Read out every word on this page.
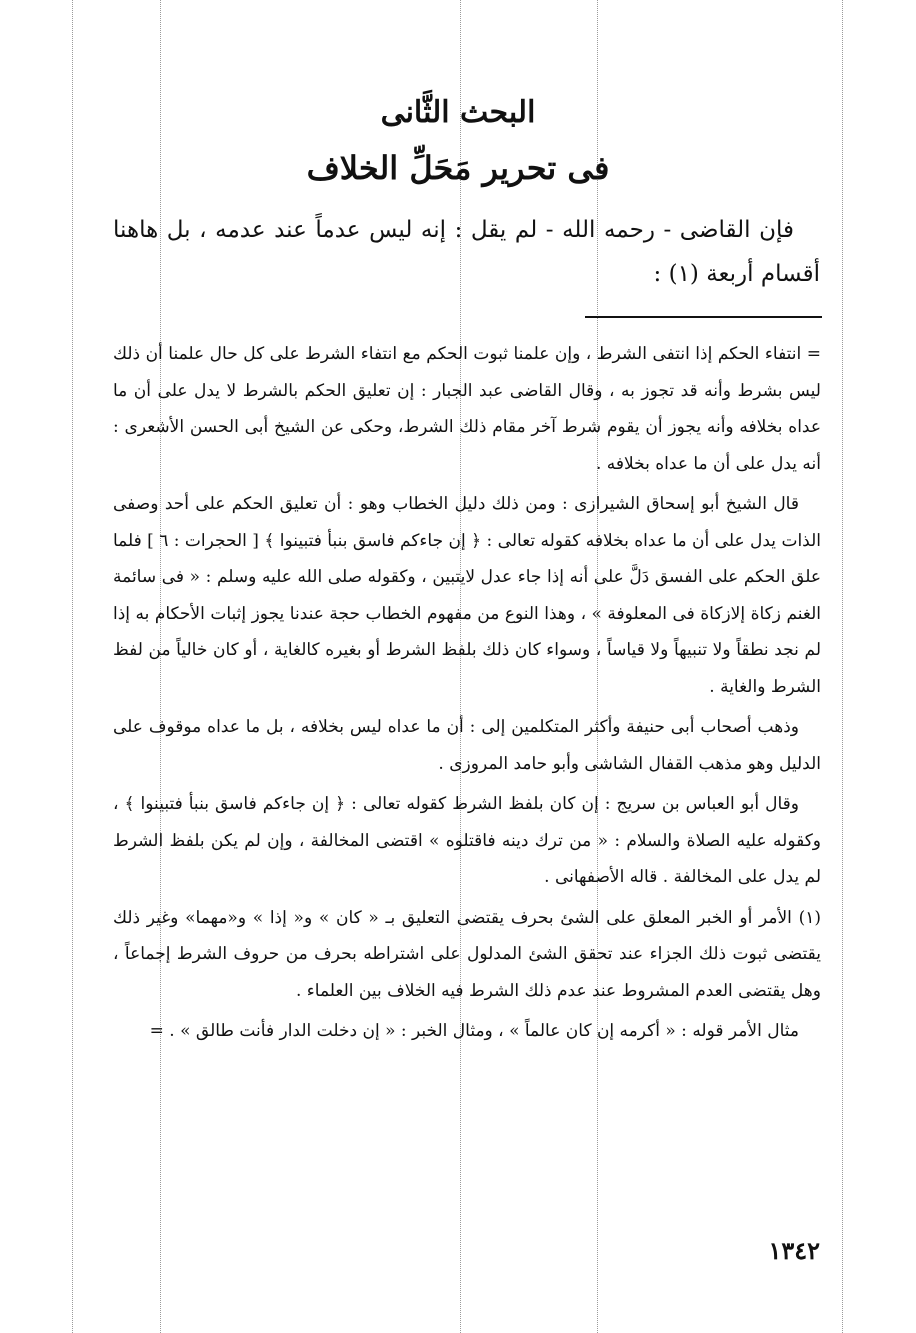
البحث الثَّانى
فى تحرير مَحَلِّ الخلاف

فإن القاضى - رحمه الله - لم يقل : إنه ليس عدماً عند عدمه ، بل هاهنا أقسام أربعة (١) :

= انتفاء الحكم إذا انتفى الشرط ، وإن علمنا ثبوت الحكم مع انتفاء الشرط على كل حال علمنا أن ذلك ليس بشرط وأنه قد تجوز به ، وقال القاضى عبد الجبار : إن تعليق الحكم بالشرط لا يدل على أن ما عداه بخلافه وأنه يجوز أن يقوم شرط آخر مقام ذلك الشرط، وحكى عن الشيخ أبى الحسن الأشعرى : أنه يدل على أن ما عداه بخلافه .

قال الشيخ أبو إسحاق الشيرازى : ومن ذلك دليل الخطاب وهو : أن تعليق الحكم على أحد وصفى الذات يدل على أن ما عداه بخلافه كقوله تعالى : ﴿ إن جاءكم فاسق بنبأ فتبينوا ﴾ [ الحجرات : ٦ ] فلما علق الحكم على الفسق دَلَّ على أنه إذا جاء عدل لايتبين ، وكقوله صلى الله عليه وسلم : « فى سائمة الغنم زكاة إلازكاة فى المعلوفة » ، وهذا النوع من مفهوم الخطاب حجة عندنا يجوز إثبات الأحكام به إذا لم نجد نطقاً ولا تنبيهاً ولا قياساً ، وسواء كان ذلك بلفظ الشرط أو بغيره كالغاية ، أو كان خالياً من لفظ الشرط والغاية .

وذهب أصحاب أبى حنيفة وأكثر المتكلمين إلى : أن ما عداه ليس بخلافه ، بل ما عداه موقوف على الدليل وهو مذهب القفال الشاشى وأبو حامد المروزى .

وقال أبو العباس بن سريج : إن كان بلفظ الشرط كقوله تعالى : ﴿ إن جاءكم فاسق بنبأ فتبينوا ﴾ ، وكقوله عليه الصلاة والسلام : « من ترك دينه فاقتلوه » اقتضى المخالفة ، وإن لم يكن بلفظ الشرط لم يدل على المخالفة . قاله الأصفهانى .

(١) الأمر أو الخبر المعلق على الشئ بحرف يقتضى التعليق بـ « كان » و« إذا » و«مهما» وغير ذلك يقتضى ثبوت ذلك الجزاء عند تحقق الشئ المدلول على اشتراطه بحرف من حروف الشرط إجماعاً ، وهل يقتضى العدم المشروط عند عدم ذلك الشرط فيه الخلاف بين العلماء .

مثال الأمر قوله : « أكرمه إن كان عالماً » ، ومثال الخبر : « إن دخلت الدار فأنت طالق » . =

١٣٤٢
